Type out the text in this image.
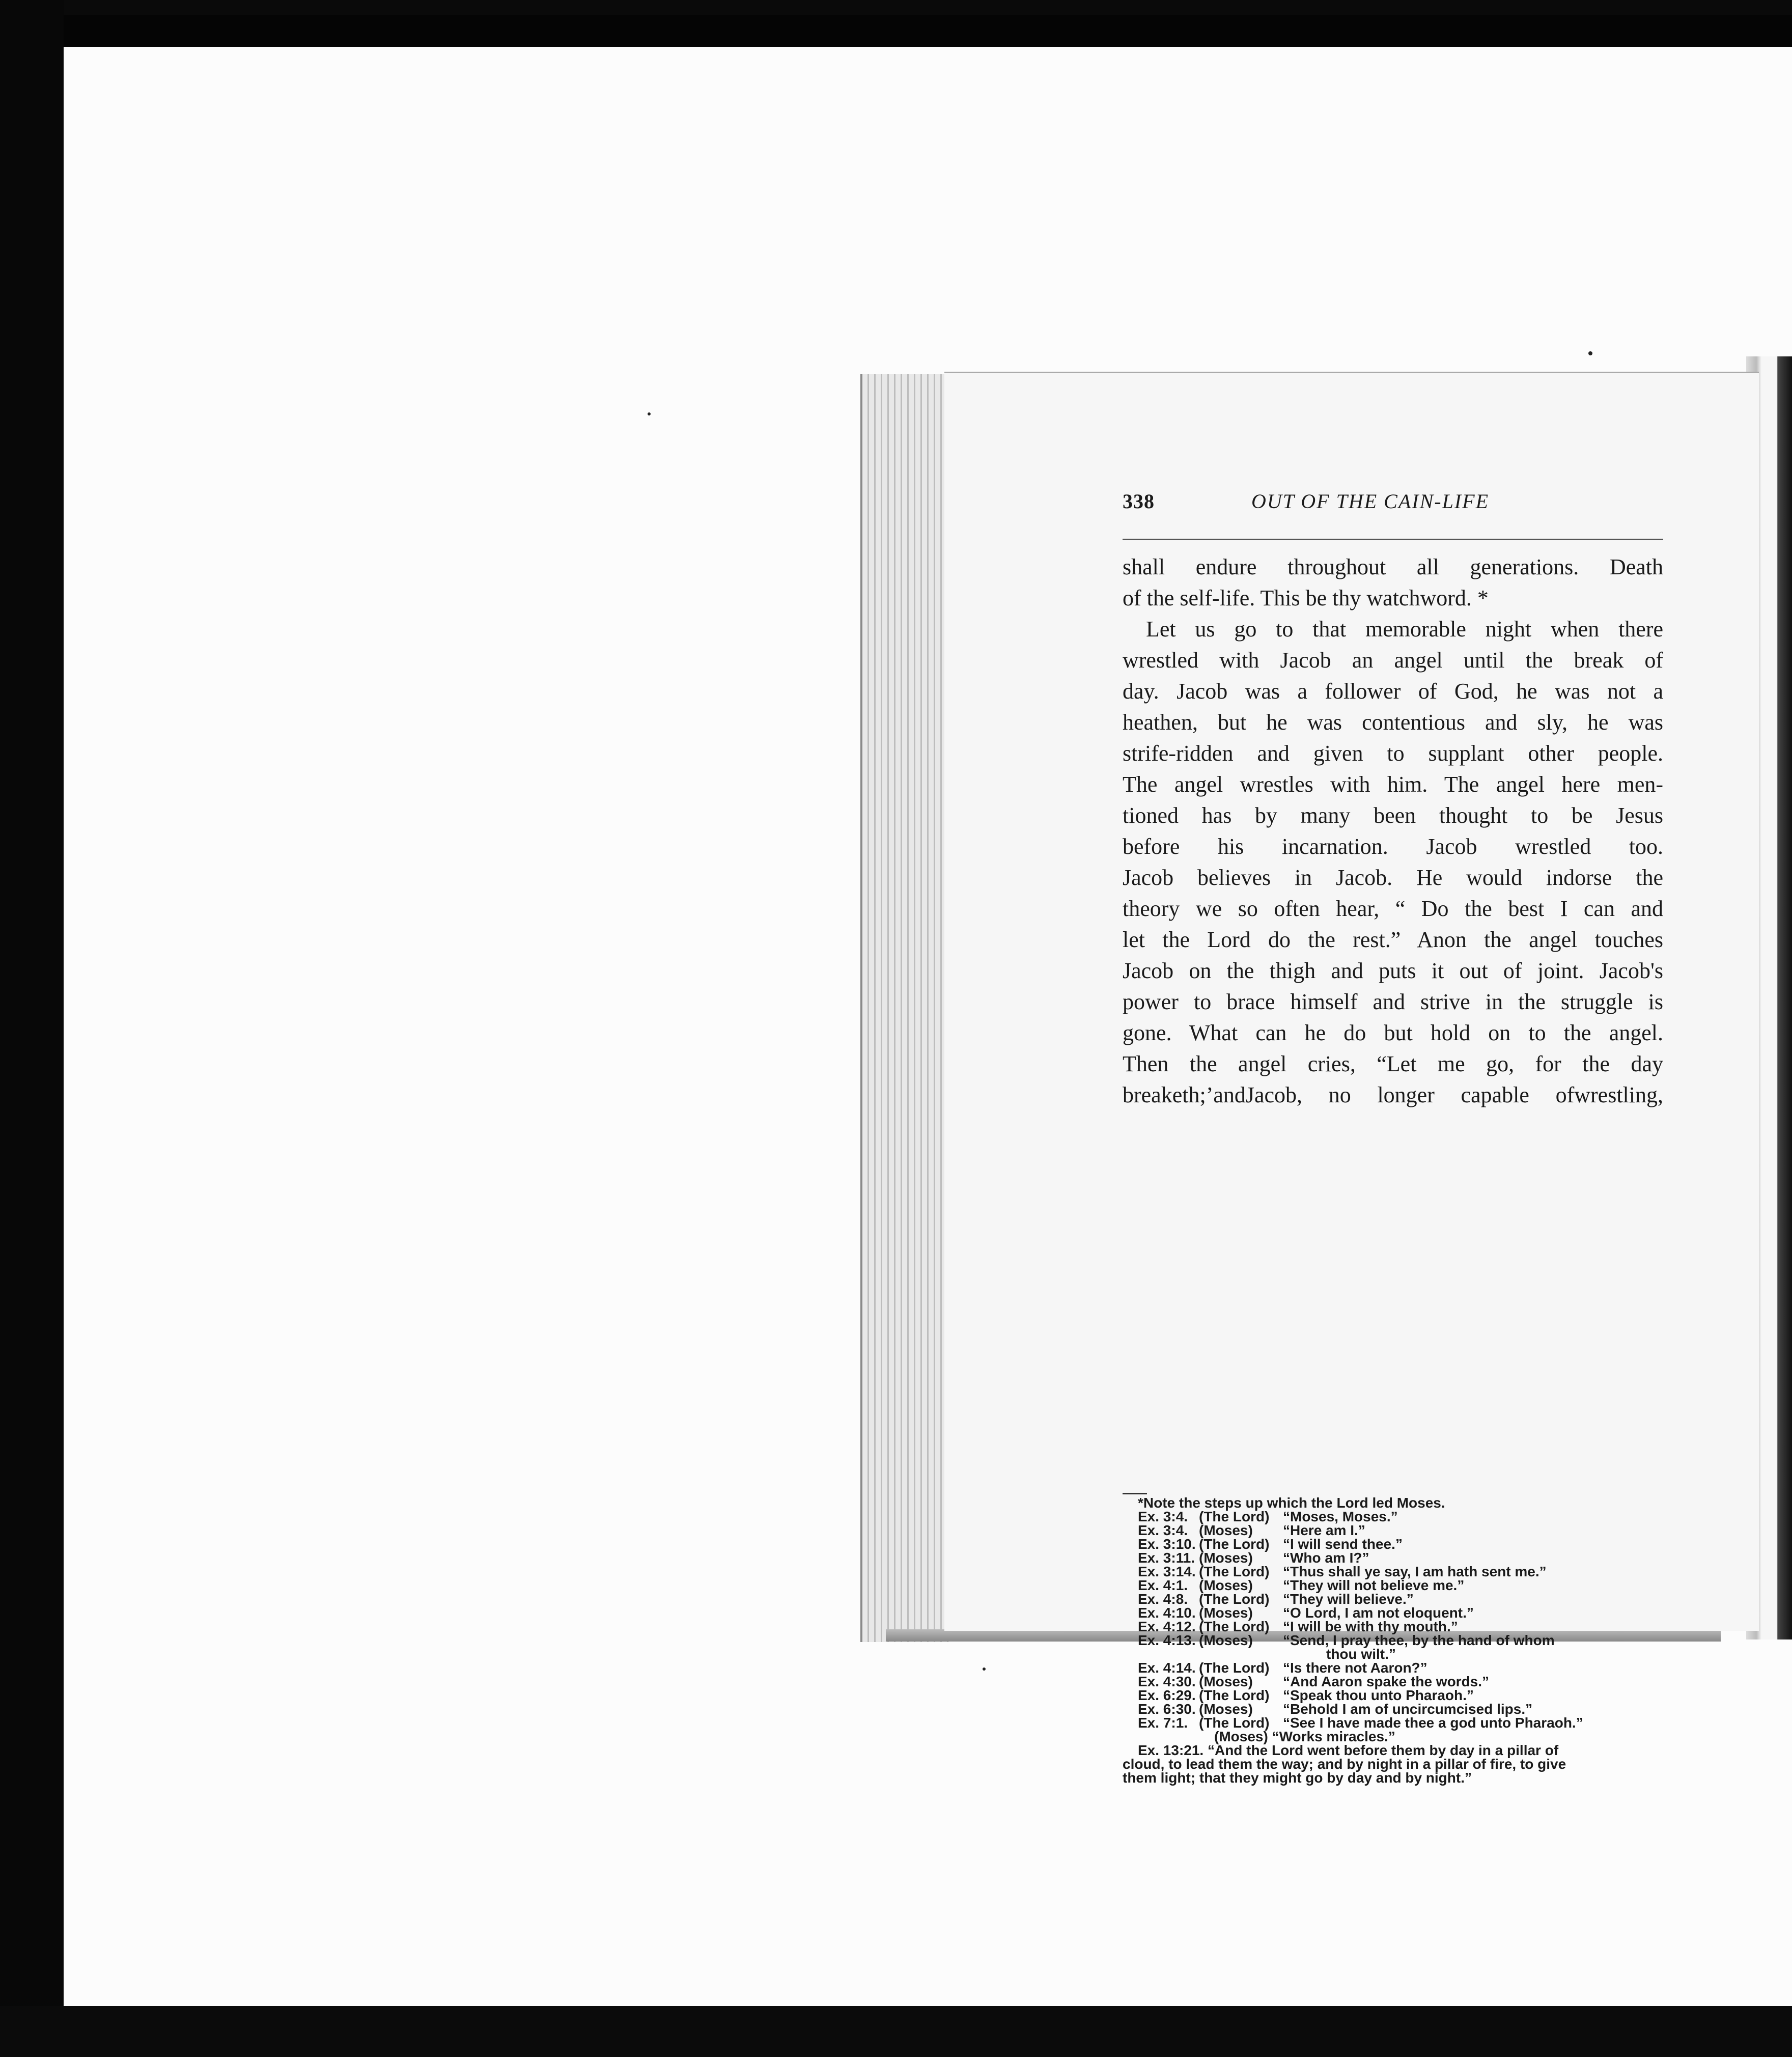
338	OUT OF THE CAIN-LIFE
shall endure throughout all generations. Death
of the self-life. This be thy watchword. *
Let us go to that memorable night when there
wrestled with Jacob an angel until the break of
day. Jacob was a follower of God, he was not a
heathen, but he was contentious and sly, he was
strife-ridden and given to supplant other people.
The angel wrestles with him. The angel here men-
tioned has by many been thought to be Jesus
before his incarnation. Jacob wrestled too.
Jacob believes in Jacob. He would indorse the
theory we so often hear, “ Do the best I can and
let the Lord do the rest.” Anon the angel touches
Jacob on the thigh and puts it out of joint. Jacob's
power to brace himself and strive in the struggle is
gone. What can he do but hold on to the angel.
Then the angel cries, “Let me go, for the day
breaketh;’andJacob, no longer capable ofwrestling,
*Note the steps up which the Lord led Moses.
Ex. 3:4. (The Lord) “Moses, Moses.”
Ex. 3:4. (Moses)	“Here am I.”
Ex. 3:10. (The Lord) “I will send thee.”
Ex. 3:11. (Moses)	“Who am I?”
Ex. 3:14. (The Lord) “Thus shall ye say, I am hath sent me.”
Ex. 4:1. (Moses)	“They will not believe me.”
Ex. 4:8. (The Lord) “They will believe.”
Ex. 4:10. (Moses)	“O Lord, I am not eloquent.”
Ex. 4:12. (The Lord) “I will be with thy mouth.”
Ex. 4:13. (Moses)	“Send, I pray thee, by the hand of whom
thou wilt.”
Ex. 4:14. (The Lord) “Is there not Aaron?”
Ex. 4:30. (Moses)	“And Aaron spake the words.”
Ex. 6:29. (The Lord) “Speak thou unto Pharaoh.”
Ex. 6:30. (Moses)	“Behold I am of uncircumcised lips.”
Ex. 7:1. (The Lord) “See I have made thee a god unto Pharaoh.”
(Moses) “Works miracles.”
Ex. 13:21. “And the Lord went before them by day in a pillar of
cloud, to lead them the way; and by night in a pillar of fire, to give
them light; that they might go by day and by night.”
